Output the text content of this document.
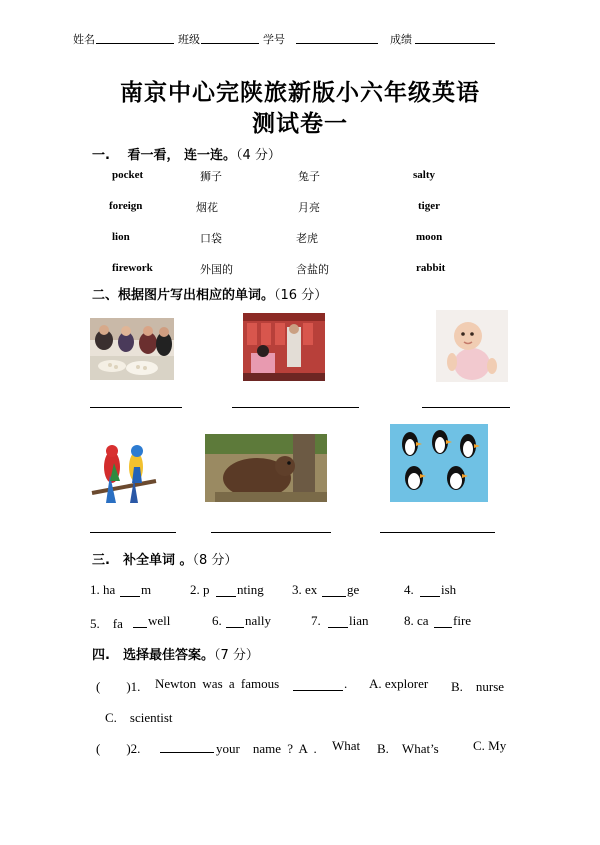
姓名	班级	学号	成绩
南京中心完陕旅新版小六年级英语
测试卷一
一.　 看一看， 连一连。（4 分）
pocket	狮子	兔子	salty
foreign	烟花	月亮	tiger
lion	口袋	老虎	moon
firework	外国的	含盐的	rabbit
二、根据图片写出相应的单词。（16 分）
三.　补全单词 。（8 分）
1. ha m	2. p nting 3. ex ge	4. ish
5.　fa well	6. nally	7. lian	8. ca fire
四.　选择最佳答案。（7 分）
(　　)1. Newton was a famous	. A. explorer B.　nurse
C.　scientist
(　　)2.	your　name ? A . What B.　What’s	C. My
